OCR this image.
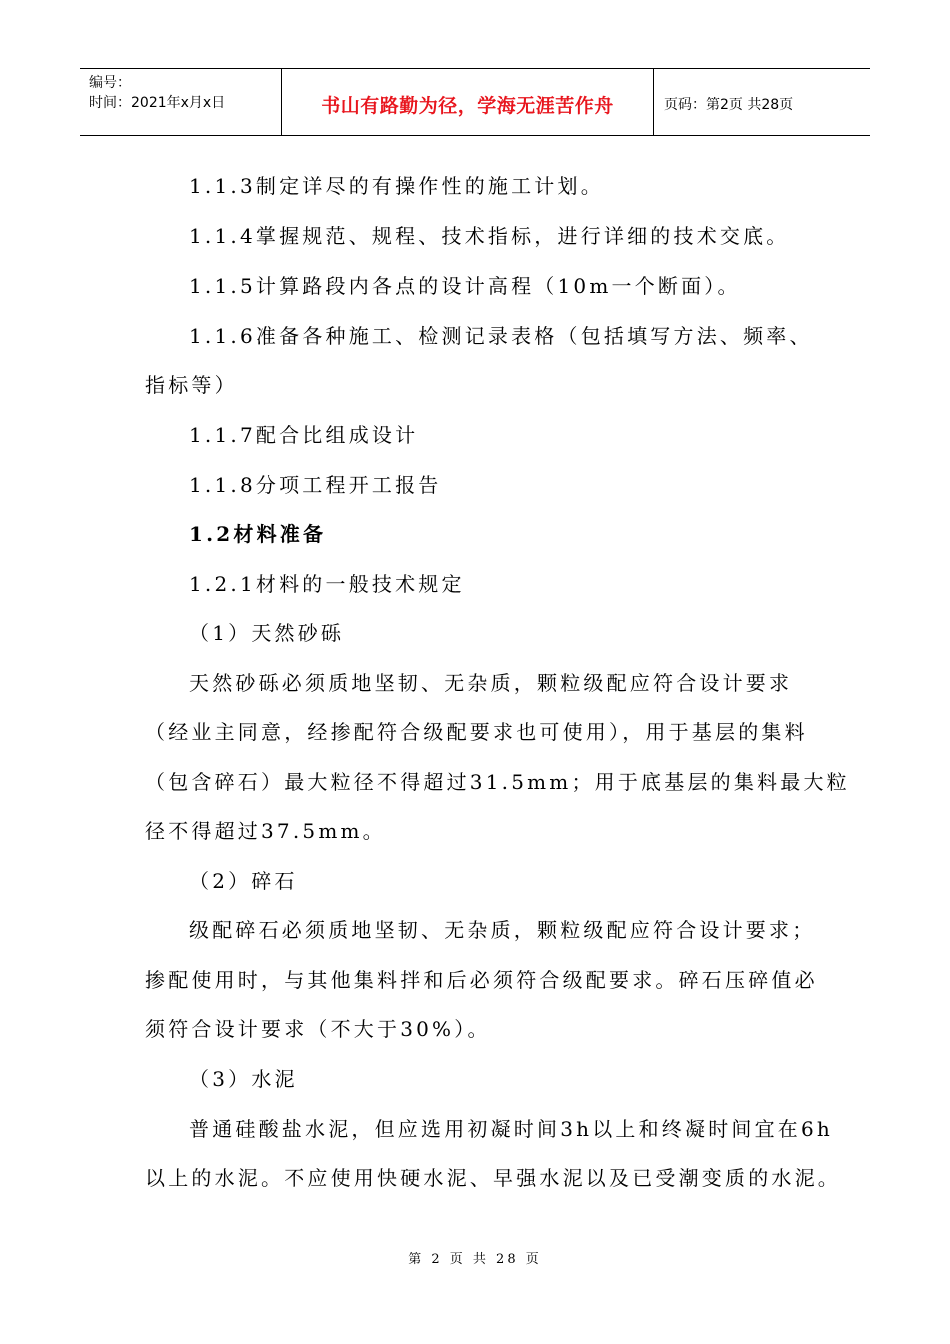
编号：
时间：2021年x月x日	书山有路勤为径，学海无涯苦作舟	页码：第2页 共28页
1.1.3制定详尽的有操作性的施工计划。
1.1.4掌握规范、规程、技术指标，进行详细的技术交底。
1.1.5计算路段内各点的设计高程（10m一个断面）。
1.1.6准备各种施工、检测记录表格（包括填写方法、频率、
指标等）
1.1.7配合比组成设计
1.1.8分项工程开工报告
1.2材料准备
1.2.1材料的一般技术规定
（1）天然砂砾
天然砂砾必须质地坚韧、无杂质，颗粒级配应符合设计要求
（经业主同意，经掺配符合级配要求也可使用），用于基层的集料
（包含碎石）最大粒径不得超过31.5mm；用于底基层的集料最大粒
径不得超过37.5mm。
（2）碎石
级配碎石必须质地坚韧、无杂质，颗粒级配应符合设计要求；
掺配使用时，与其他集料拌和后必须符合级配要求。碎石压碎值必
须符合设计要求（不大于30%）。
（3）水泥
普通硅酸盐水泥，但应选用初凝时间3h以上和终凝时间宜在6h
以上的水泥。不应使用快硬水泥、早强水泥以及已受潮变质的水泥。
第 2 页 共 28 页
